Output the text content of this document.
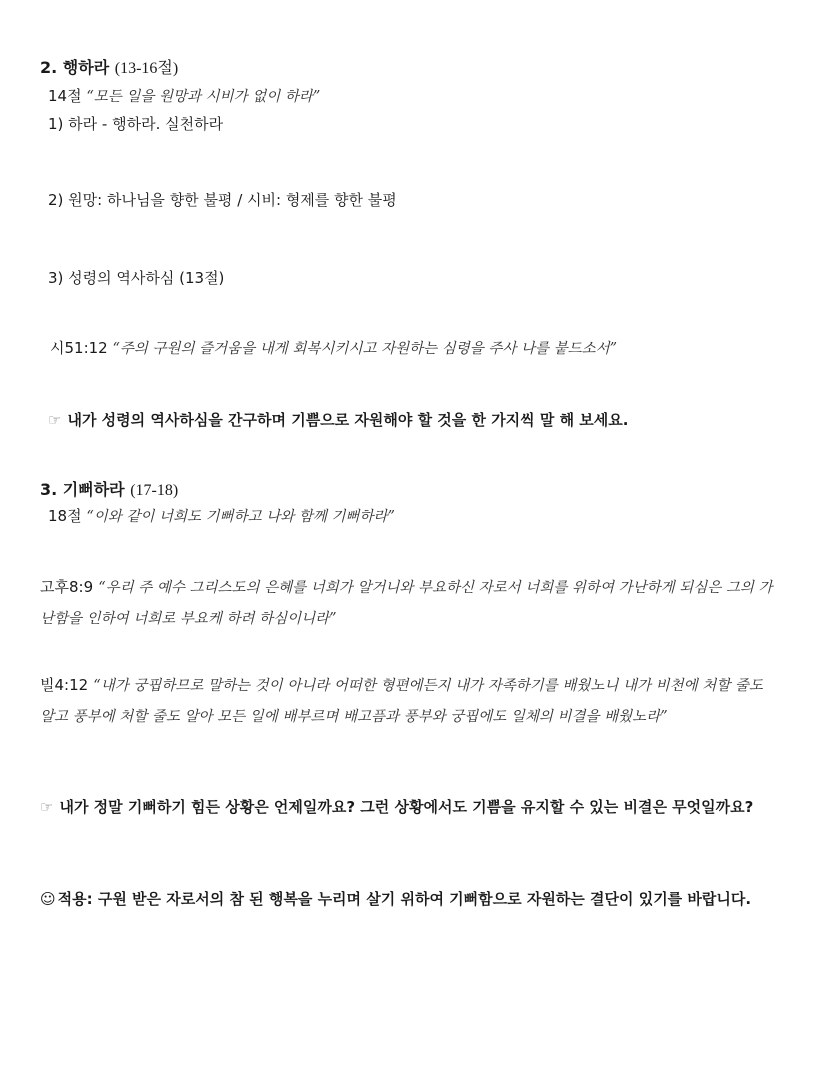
2. 행하라 (13-16절)
14절 “모든 일을 원망과 시비가 없이 하라”
1) 하라 - 행하라. 실천하라
2) 원망: 하나님을 향한 불평 / 시비: 형제를 향한 불평
3) 성령의 역사하심 (13절)
시51:12 “주의 구원의 즐거움을 내게 회복시키시고 자원하는 심령을 주사 나를 붙드소서”
☞ 내가 성령의 역사하심을 간구하며 기쁨으로 자원해야 할 것을 한 가지씩 말 해 보세요.
3. 기뻐하라 (17-18)
18절 “이와 같이 너희도 기뻐하고 나와 함께 기뻐하라”
고후8:9 “우리 주 예수 그리스도의 은혜를 너희가 알거니와 부요하신 자로서 너희를 위하여 가난하게 되심은 그의 가난함을 인하여 너희로 부요케 하려 하심이니라”
빌4:12 “내가 궁핍하므로 말하는 것이 아니라 어떠한 형편에든지 내가 자족하기를 배웠노니 내가 비천에 처할 줄도 알고 풍부에 처할 줄도 알아 모든 일에 배부르며 배고픔과 풍부와 궁핍에도 일체의 비결을 배웠노라”
☞ 내가 정말 기뻐하기 힘든 상황은 언제일까요? 그런 상황에서도 기쁨을 유지할 수 있는 비결은 무엇일까요?
☺ 적용: 구원 받은 자로서의 참 된 행복을 누리며 살기 위하여 기뻐함으로 자원하는 결단이 있기를 바랍니다.
